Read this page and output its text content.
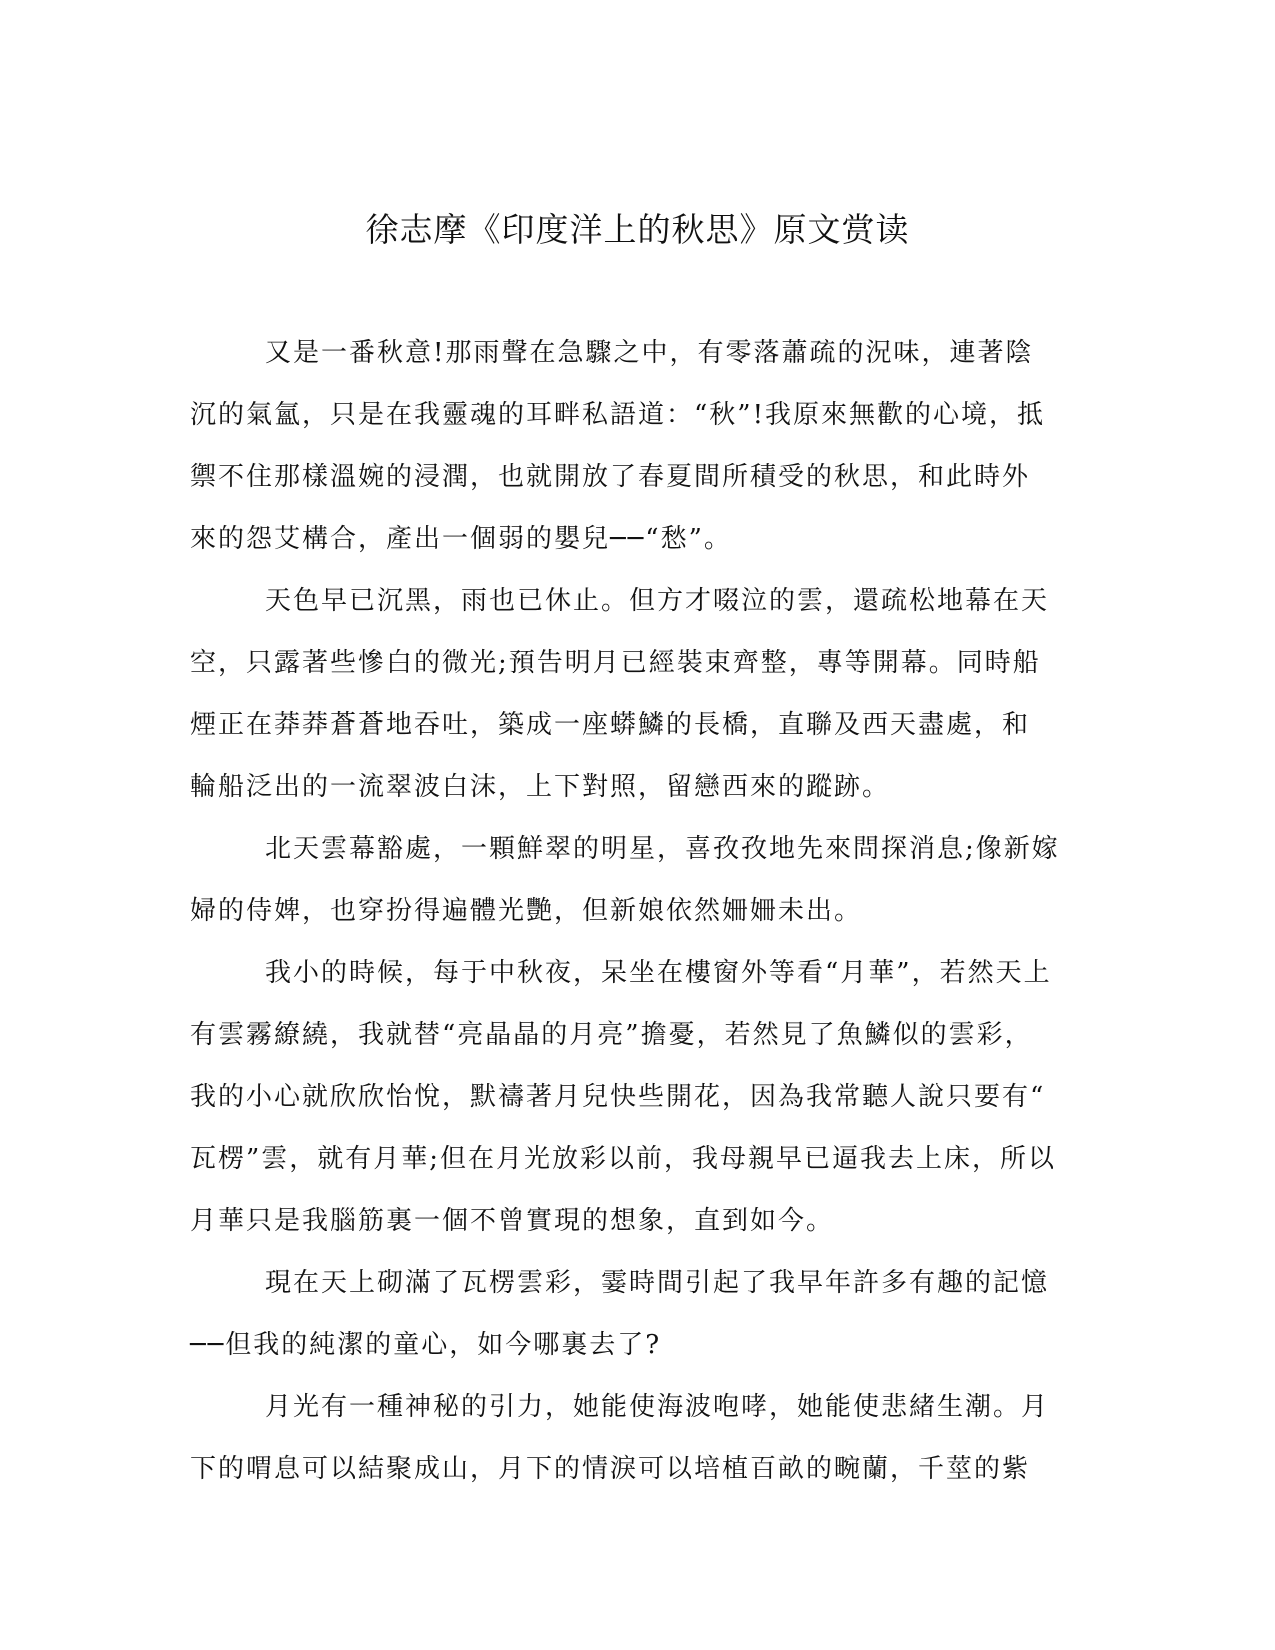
徐志摩《印度洋上的秋思》原文赏读
又是一番秋意!那雨聲在急驟之中，有零落蕭疏的況味，連著陰
沉的氣氳，只是在我靈魂的耳畔私語道：“秋”!我原來無歡的心境，抵
禦不住那樣溫婉的浸潤，也就開放了春夏間所積受的秋思，和此時外
來的怨艾構合，產出一個弱的嬰兒──“愁”。
天色早已沉黑，雨也已休止。但方才啜泣的雲，還疏松地幕在天
空，只露著些慘白的微光;預告明月已經裝束齊整，專等開幕。同時船
煙正在莽莽蒼蒼地吞吐，築成一座蟒鱗的長橋，直聯及西天盡處，和
輪船泛出的一流翠波白沫，上下對照，留戀西來的蹤跡。
北天雲幕豁處，一顆鮮翠的明星，喜孜孜地先來問探消息;像新嫁
婦的侍婢，也穿扮得遍體光艷，但新娘依然姍姍未出。
我小的時候，每于中秋夜，呆坐在樓窗外等看“月華”，若然天上
有雲霧繚繞，我就替“亮晶晶的月亮”擔憂，若然見了魚鱗似的雲彩，
我的小心就欣欣怡悅，默禱著月兒快些開花，因為我常聽人說只要有“
瓦楞”雲，就有月華;但在月光放彩以前，我母親早已逼我去上床，所以
月華只是我腦筋裏一個不曾實現的想象，直到如今。
現在天上砌滿了瓦楞雲彩，霎時間引起了我早年許多有趣的記憶
──但我的純潔的童心，如今哪裏去了?
月光有一種神秘的引力，她能使海波咆哮，她能使悲緒生潮。月
下的喟息可以結聚成山，月下的情淚可以培植百畝的畹蘭，千莖的紫
